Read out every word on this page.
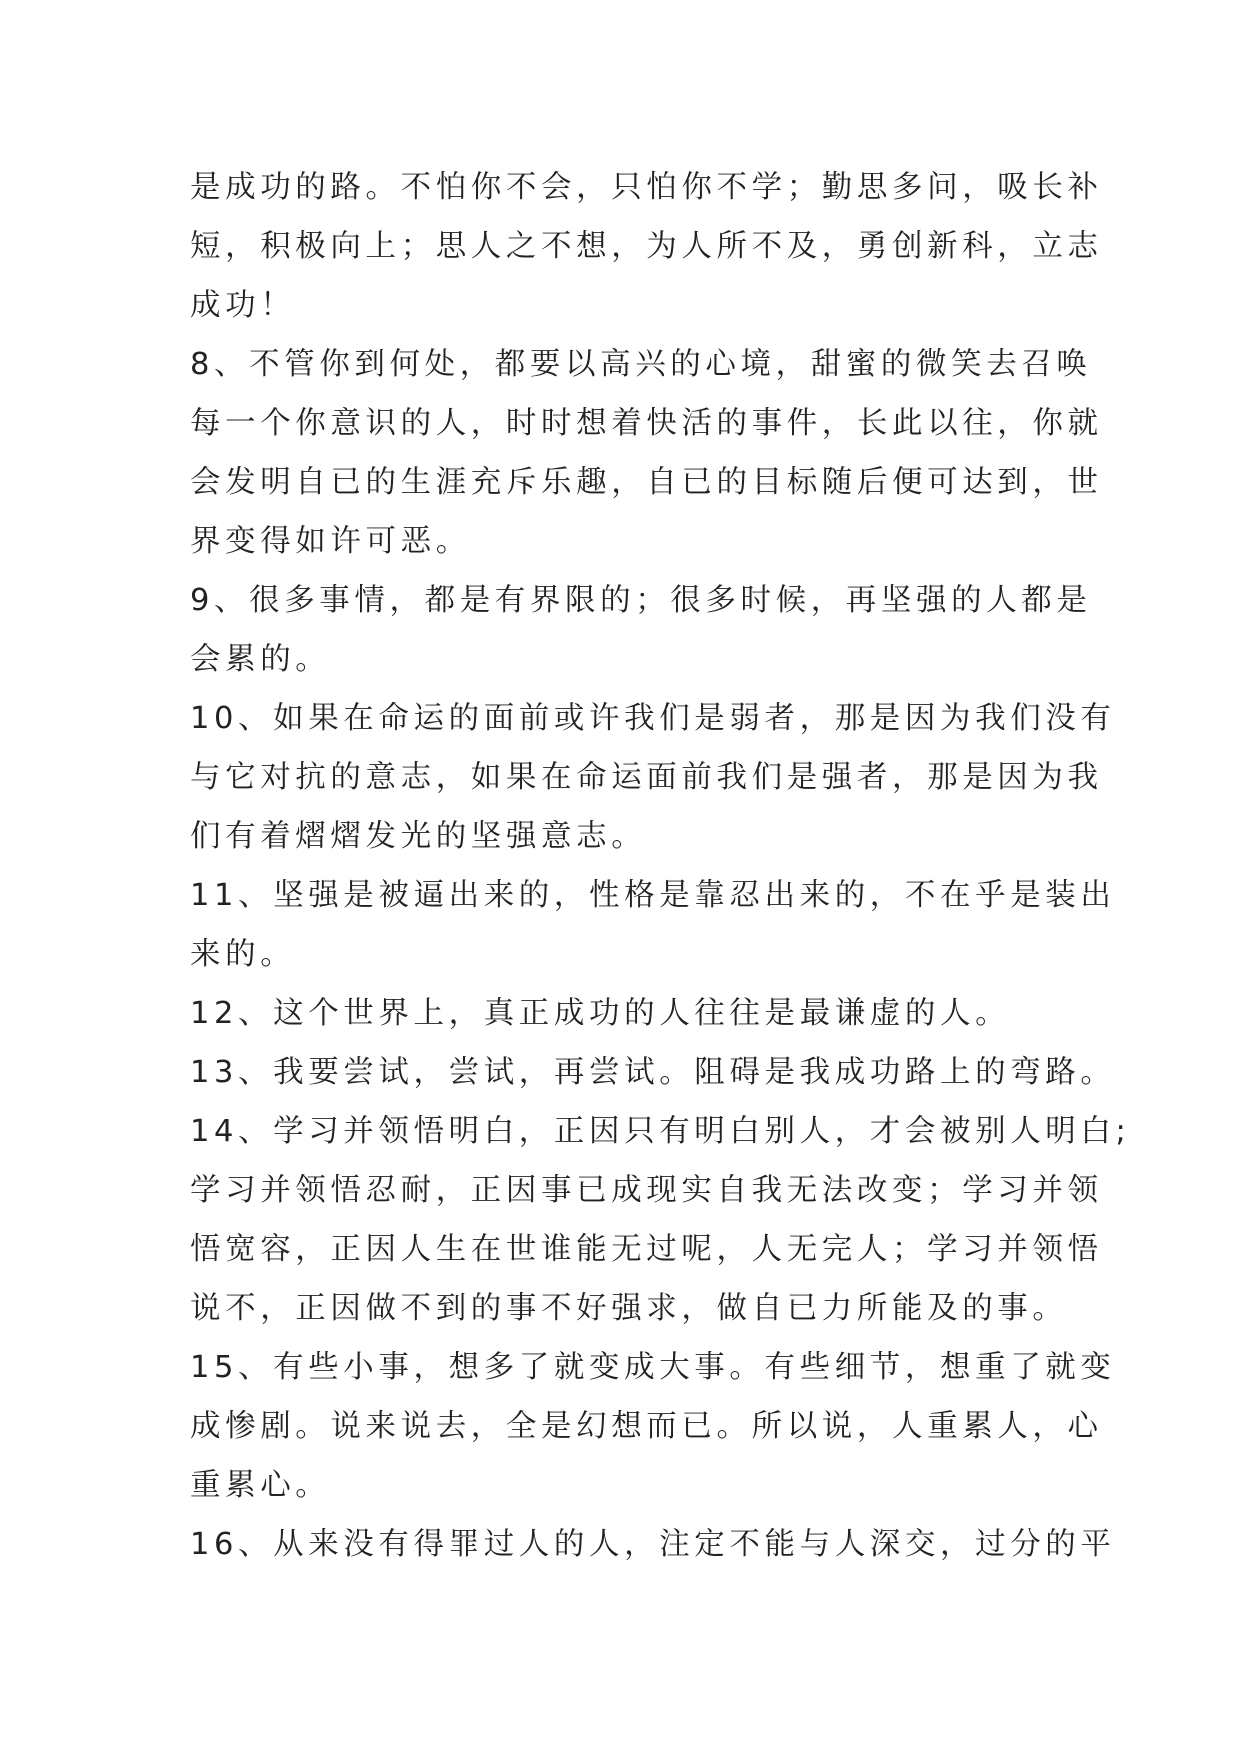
是成功的路。不怕你不会，只怕你不学；勤思多问，吸长补
短，积极向上；思人之不想，为人所不及，勇创新科，立志
成功！
8、不管你到何处，都要以高兴的心境，甜蜜的微笑去召唤
每一个你意识的人，时时想着快活的事件，长此以往，你就
会发明自已的生涯充斥乐趣，自已的目标随后便可达到，世
界变得如许可恶。
9、很多事情，都是有界限的；很多时候，再坚强的人都是
会累的。
10、如果在命运的面前或许我们是弱者，那是因为我们没有
与它对抗的意志，如果在命运面前我们是强者，那是因为我
们有着熠熠发光的坚强意志。
11、坚强是被逼出来的，性格是靠忍出来的，不在乎是装出
来的。
12、这个世界上，真正成功的人往往是最谦虚的人。
13、我要尝试，尝试，再尝试。阻碍是我成功路上的弯路。
14、学习并领悟明白，正因只有明白别人，才会被别人明白;
学习并领悟忍耐，正因事已成现实自我无法改变；学习并领
悟宽容，正因人生在世谁能无过呢，人无完人；学习并领悟
说不，正因做不到的事不好强求，做自已力所能及的事。
15、有些小事，想多了就变成大事。有些细节，想重了就变
成惨剧。说来说去，全是幻想而已。所以说，人重累人，心
重累心。
16、从来没有得罪过人的人，注定不能与人深交，过分的平
